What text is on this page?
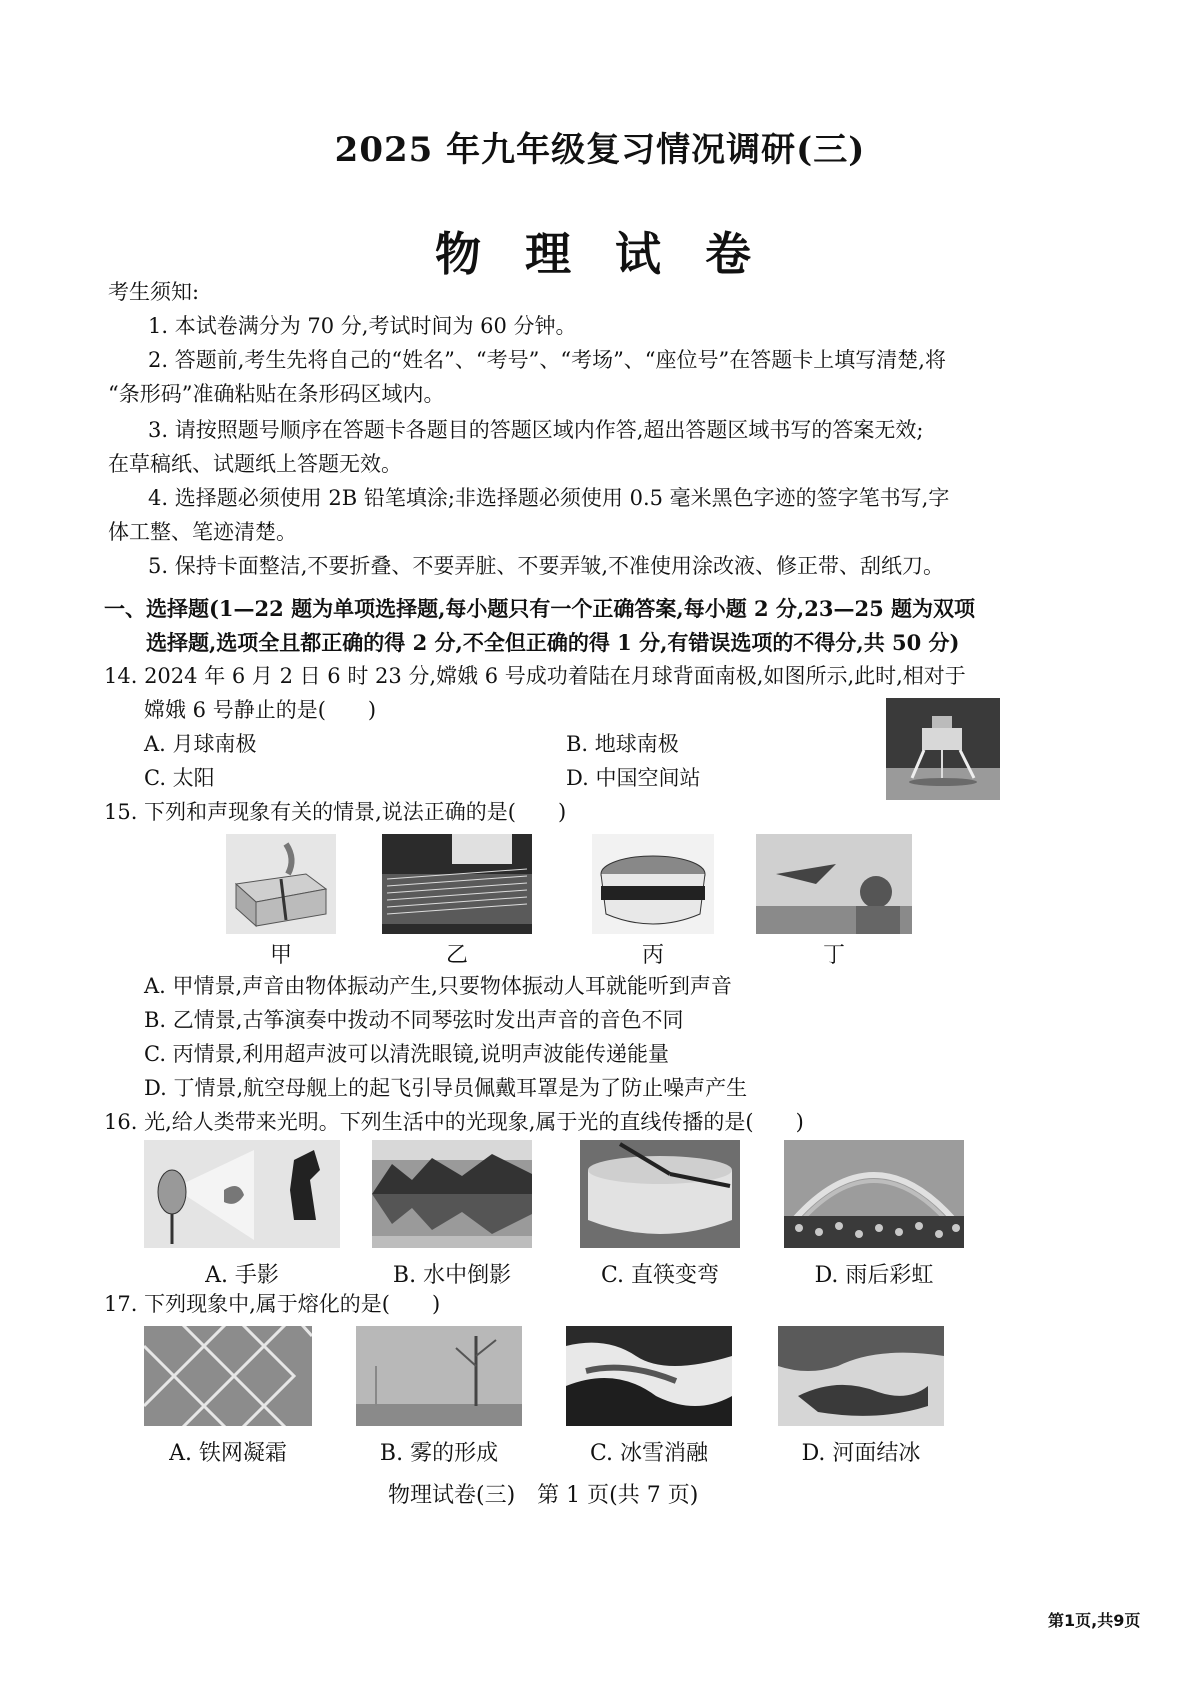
2025 年九年级复习情况调研(三)
物 理 试 卷
考生须知:
1. 本试卷满分为 70 分,考试时间为 60 分钟。
2. 答题前,考生先将自己的“姓名”、“考号”、“考场”、“座位号”在答题卡上填写清楚,将
“条形码”准确粘贴在条形码区域内。
3. 请按照题号顺序在答题卡各题目的答题区域内作答,超出答题区域书写的答案无效;
在草稿纸、试题纸上答题无效。
4. 选择题必须使用 2B 铅笔填涂;非选择题必须使用 0.5 毫米黑色字迹的签字笔书写,字
体工整、笔迹清楚。
5. 保持卡面整洁,不要折叠、不要弄脏、不要弄皱,不准使用涂改液、修正带、刮纸刀。
一、选择题(1—22 题为单项选择题,每小题只有一个正确答案,每小题 2 分,23—25 题为双项
选择题,选项全且都正确的得 2 分,不全但正确的得 1 分,有错误选项的不得分,共 50 分)
14. 2024 年 6 月 2 日 6 时 23 分,嫦娥 6 号成功着陆在月球背面南极,如图所示,此时,相对于
嫦娥 6 号静止的是(　　)
A. 月球南极	B. 地球南极
C. 太阳	D. 中国空间站
15. 下列和声现象有关的情景,说法正确的是(　　)
甲	乙	丙	丁
A. 甲情景,声音由物体振动产生,只要物体振动人耳就能听到声音
B. 乙情景,古筝演奏中拨动不同琴弦时发出声音的音色不同
C. 丙情景,利用超声波可以清洗眼镜,说明声波能传递能量
D. 丁情景,航空母舰上的起飞引导员佩戴耳罩是为了防止噪声产生
16. 光,给人类带来光明。下列生活中的光现象,属于光的直线传播的是(　　)
A. 手影	B. 水中倒影	C. 直筷变弯	D. 雨后彩虹
17. 下列现象中,属于熔化的是(　　)
A. 铁网凝霜	B. 雾的形成	C. 冰雪消融	D. 河面结冰
物理试卷(三)　第 1 页(共 7 页)
第1页,共9页
